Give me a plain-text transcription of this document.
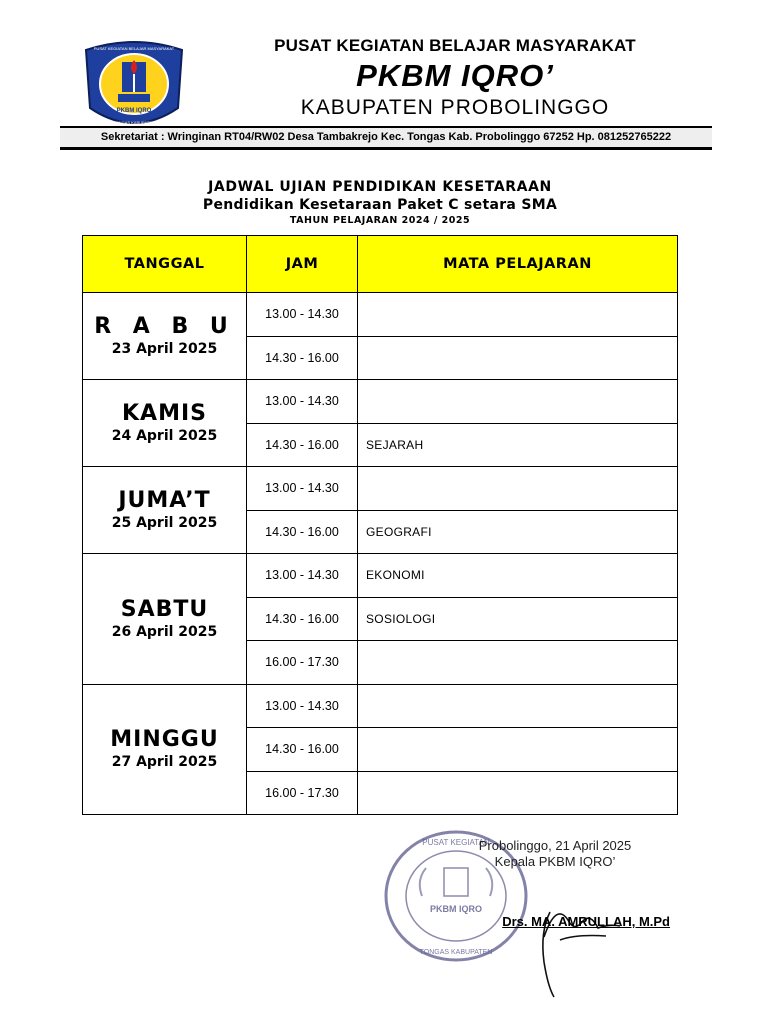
PKBM IQRO
PUSAT KEGIATAN BELAJAR MASYARAKAT
TONGAS KABUPATEN
PUSAT KEGIATAN BELAJAR MASYARAKAT
PKBM IQRO’
KABUPATEN PROBOLINGGO
Sekretariat : Wringinan RT04/RW02 Desa Tambakrejo Kec. Tongas Kab. Probolinggo 67252 Hp. 081252765222
JADWAL UJIAN PENDIDIKAN KESETARAAN
Pendidikan Kesetaraan Paket C setara SMA
TAHUN PELAJARAN 2024 / 2025
TANGGAL	JAM	MATA PELAJARAN

R A B U
23 April 2025	13.00 - 14.30	
	14.30 - 16.00	

KAMIS
24 April 2025	13.00 - 14.30	
	14.30 - 16.00	SEJARAH

JUMA’T
25 April 2025	13.00 - 14.30	
	14.30 - 16.00	GEOGRAFI

SABTU
26 April 2025	13.00 - 14.30	EKONOMI
	14.30 - 16.00	SOSIOLOGI
	16.00 - 17.30	

MINGGU
27 April 2025	13.00 - 14.30	
	14.30 - 16.00	
	16.00 - 17.30	
PUSAT KEGIATAN
PKBM IQRO
TONGAS KABUPATEN
Probolinggo, 21 April 2025
Kepala PKBM IQRO’
Drs. MA. AMRULLAH, M.Pd
